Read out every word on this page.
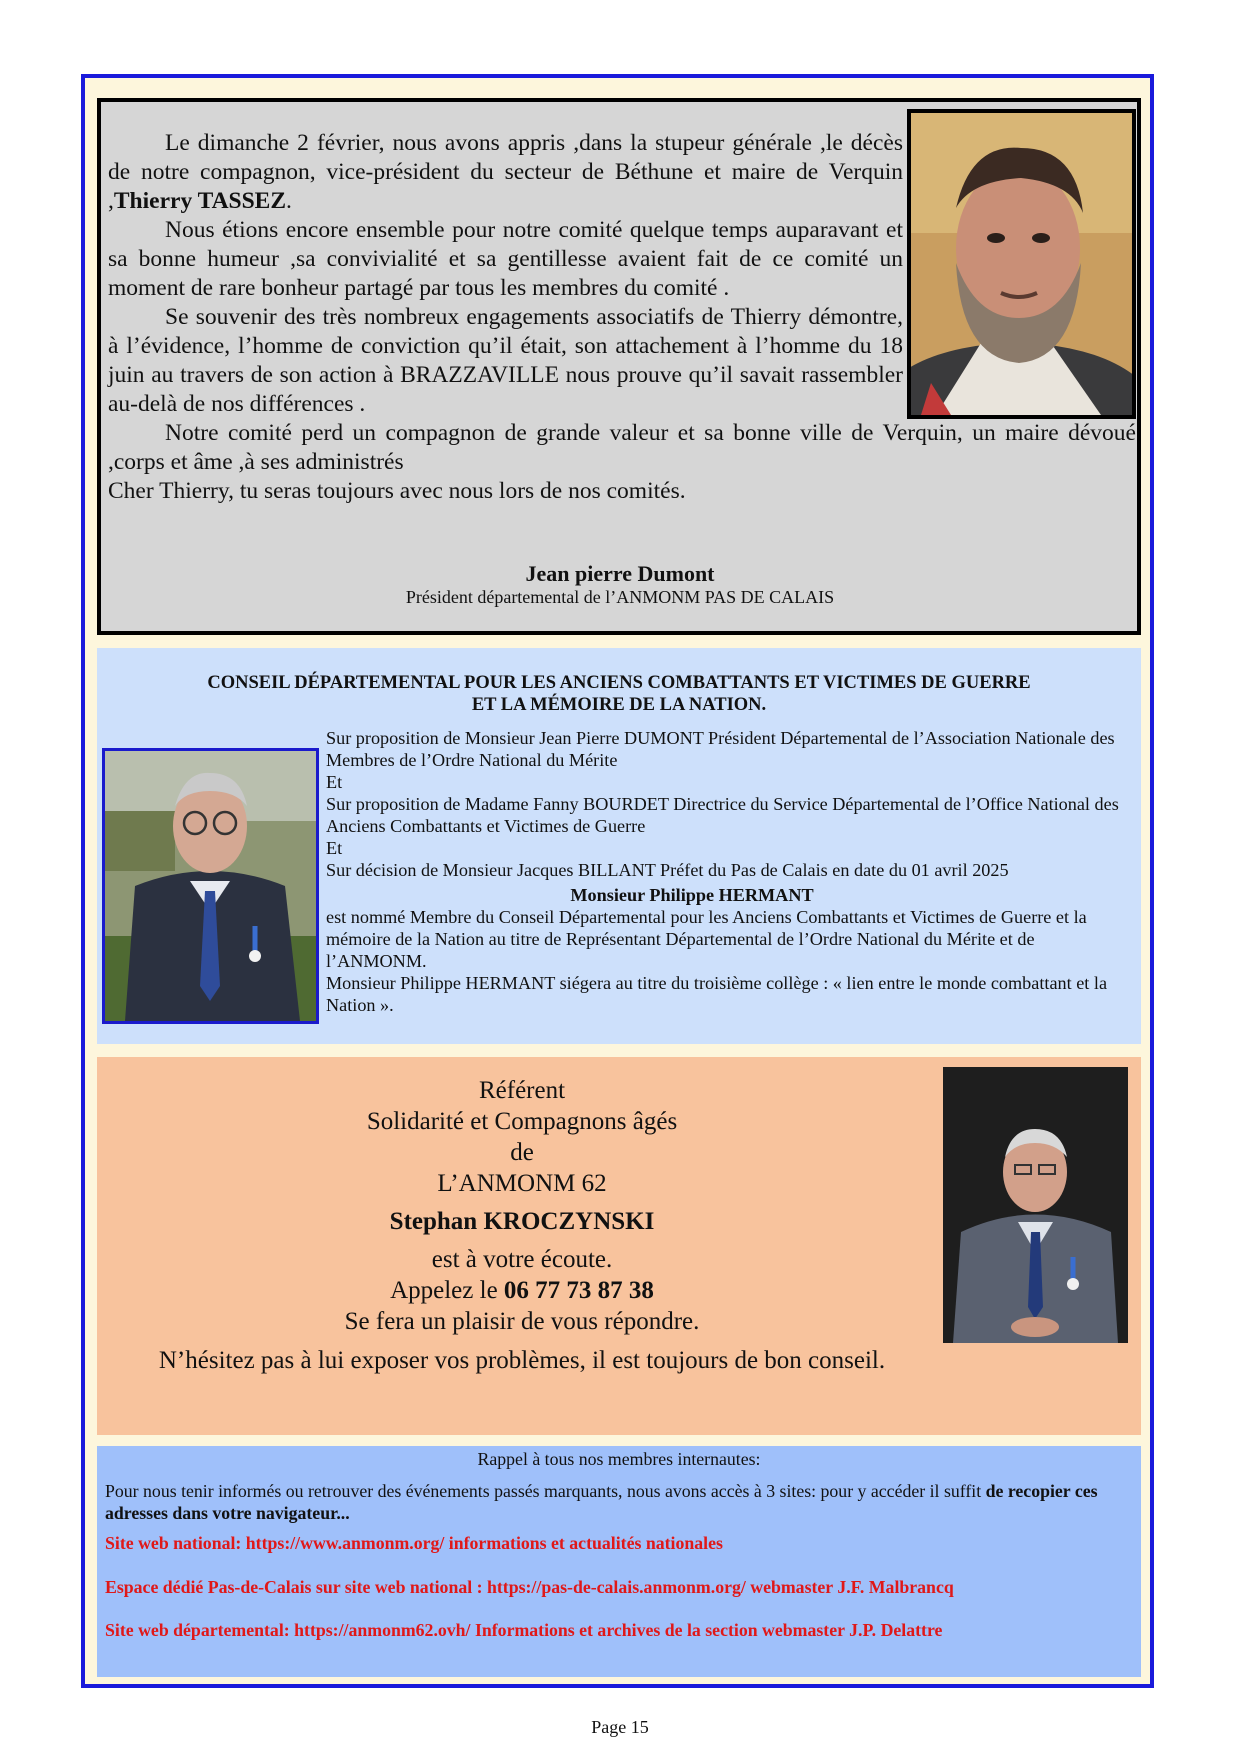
Le dimanche 2 février, nous avons appris ,dans la stupeur générale ,le décès de notre compagnon, vice-président du secteur de Béthune et maire de Verquin ,Thierry TASSEZ.

Nous étions encore ensemble pour notre comité quelque temps auparavant et sa bonne humeur ,sa convivialité et sa gentillesse avaient fait de ce comité un moment de rare bonheur partagé par tous les membres du comité .

Se souvenir des très nombreux engagements associatifs de Thierry démontre, à l’évidence, l’homme de conviction qu’il était, son attachement à l’homme du 18 juin au travers de son action à BRAZZAVILLE nous prouve qu’il savait rassembler au-delà de nos différences .

Notre comité perd un compagnon de grande valeur et sa bonne ville de Verquin, un maire dévoué ,corps et âme ,à ses administrés

Cher Thierry, tu seras toujours avec nous lors de nos comités.

Jean pierre Dumont
Président départemental de l’ANMONM PAS DE CALAIS
CONSEIL DÉPARTEMENTAL POUR LES ANCIENS COMBATTANTS ET VICTIMES DE GUERRE
ET LA MÉMOIRE DE LA NATION.
Sur proposition de Monsieur Jean Pierre DUMONT Président Départemental de l’Association Nationale des Membres de l’Ordre National du Mérite
Et
Sur proposition de Madame Fanny BOURDET Directrice du Service Départemental de l’Office National des Anciens Combattants et Victimes de Guerre
Et
Sur décision de Monsieur Jacques BILLANT Préfet du Pas de Calais en date du 01 avril 2025
Monsieur Philippe HERMANT
est nommé Membre du Conseil Départemental pour les Anciens Combattants et Victimes de Guerre et la mémoire de la Nation au titre de Représentant Départemental de l’Ordre National du Mérite et de l’ANMONM.
Monsieur Philippe HERMANT siégera au titre du troisième collège : « lien entre le monde combattant et la Nation ».
Référent
Solidarité et Compagnons âgés
de
L’ANMONM 62
Stephan KROCZYNSKI
est à votre écoute.
Appelez le 06 77 73 87 38
Se fera un plaisir de vous répondre.
N’hésitez pas à lui exposer vos problèmes, il est toujours de bon conseil.
Rappel à tous nos membres internautes:
Pour nous tenir informés ou retrouver des événements passés marquants, nous avons accès à 3 sites: pour y accéder il suffit de recopier ces adresses dans votre navigateur...
Site web national: https://www.anmonm.org/ informations et actualités nationales
Espace dédié Pas-de-Calais sur site web national : https://pas-de-calais.anmonm.org/ webmaster J.F. Malbrancq
Site web départemental: https://anmonm62.ovh/ Informations et archives de la section webmaster J.P. Delattre
Page 15
